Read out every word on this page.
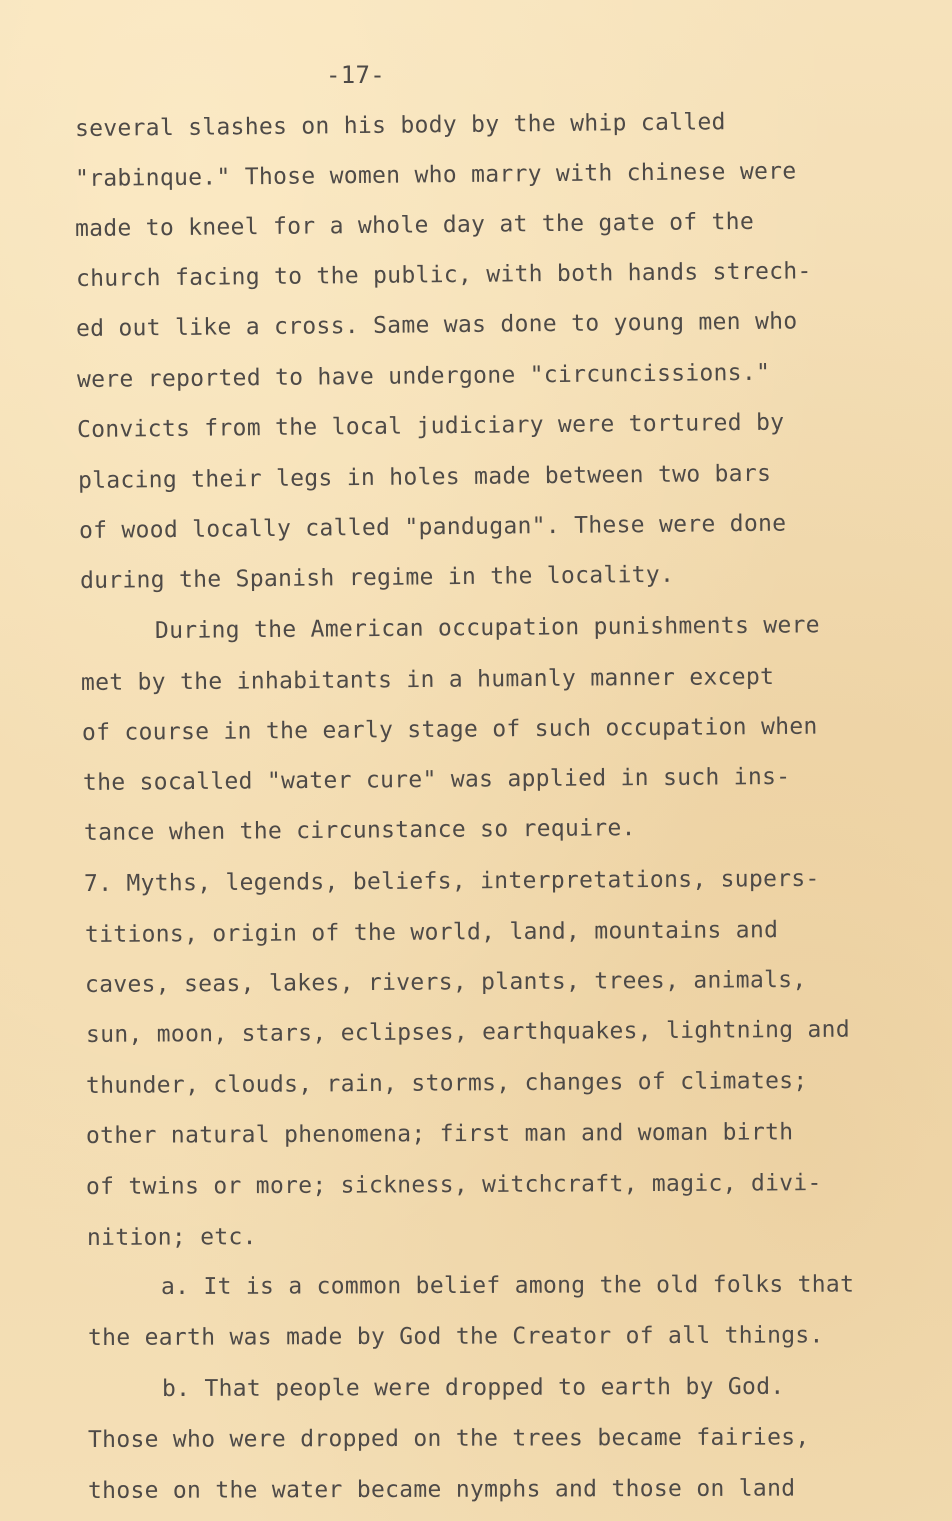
-17-

several slashes on his body by the whip called

"rabinque." Those women who marry with chinese were

made to kneel for a whole day at the gate of the

church facing to the public, with both hands strech-

ed out like a cross. Same was done to young men who

were reported to have undergone "circuncissions."

Convicts from the local judiciary were tortured by

placing their legs in holes made between two bars

of wood locally called "pandugan". These were done

during the Spanish regime in the locality.

During the American occupation punishments were

met by the inhabitants in a humanly manner except

of course in the early stage of such occupation when

the socalled "water cure" was applied in such ins-

tance when the circunstance so require.

7. Myths, legends, beliefs, interpretations, supers-

titions, origin of the world, land, mountains and

caves, seas, lakes, rivers, plants, trees, animals,

sun, moon, stars, eclipses, earthquakes, lightning and

thunder, clouds, rain, storms, changes of climates;

other natural phenomena; first man and woman birth

of twins or more; sickness, witchcraft, magic, divi-

nition; etc.

a. It is a common belief among the old folks that

the earth was made by God the Creator of all things.

b. That people were dropped to earth by God.

Those who were dropped on the trees became fairies,

those on the water became nymphs and those on land
